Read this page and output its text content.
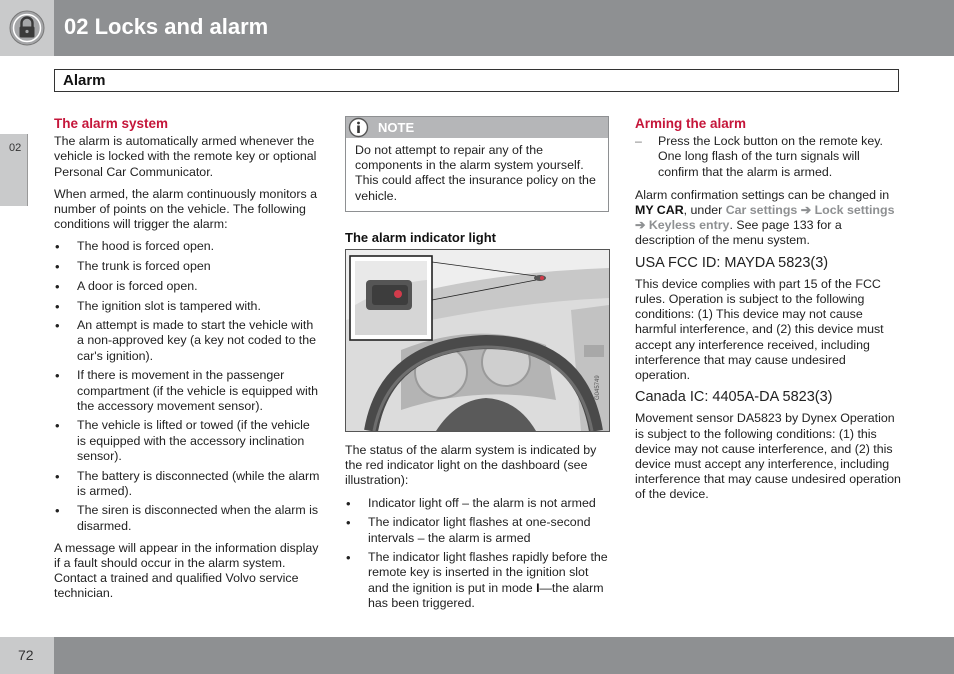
02 Locks and alarm
Alarm
02
The alarm system

The alarm is automatically armed whenever the vehicle is locked with the remote key or optional Personal Car Communicator.

When armed, the alarm continuously monitors a number of points on the vehicle. The following conditions will trigger the alarm:

• The hood is forced open.
• The trunk is forced open
• A door is forced open.
• The ignition slot is tampered with.
• An attempt is made to start the vehicle with a non-approved key (a key not coded to the car's ignition).
• If there is movement in the passenger compartment (if the vehicle is equipped with the accessory movement sensor).
• The vehicle is lifted or towed (if the vehicle is equipped with the accessory inclination sensor).
• The battery is disconnected (while the alarm is armed).
• The siren is disconnected when the alarm is disarmed.

A message will appear in the information display if a fault should occur in the alarm system. Contact a trained and qualified Volvo service technician.

NOTE
Do not attempt to repair any of the components in the alarm system yourself. This could affect the insurance policy on the vehicle.
The alarm indicator light
G045749

The status of the alarm system is indicated by the red indicator light on the dashboard (see illustration):

• Indicator light off – the alarm is not armed
• The indicator light flashes at one-second intervals – the alarm is armed
• The indicator light flashes rapidly before the remote key is inserted in the ignition slot and the ignition is put in mode I—the alarm has been triggered.
Arming the alarm
– Press the Lock button on the remote key. One long flash of the turn signals will confirm that the alarm is armed.

Alarm confirmation settings can be changed in MY CAR, under Car settings ➔ Lock settings ➔ Keyless entry. See page 133 for a description of the menu system.

USA FCC ID: MAYDA 5823(3)

This device complies with part 15 of the FCC rules. Operation is subject to the following conditions: (1) This device may not cause harmful interference, and (2) this device must accept any interference received, including interference that may cause undesired operation.

Canada IC: 4405A-DA 5823(3)

Movement sensor DA5823 by Dynex Operation is subject to the following conditions: (1) this device may not cause interference, and (2) this device must accept any interference, including interference that may cause undesired operation of the device.

72
